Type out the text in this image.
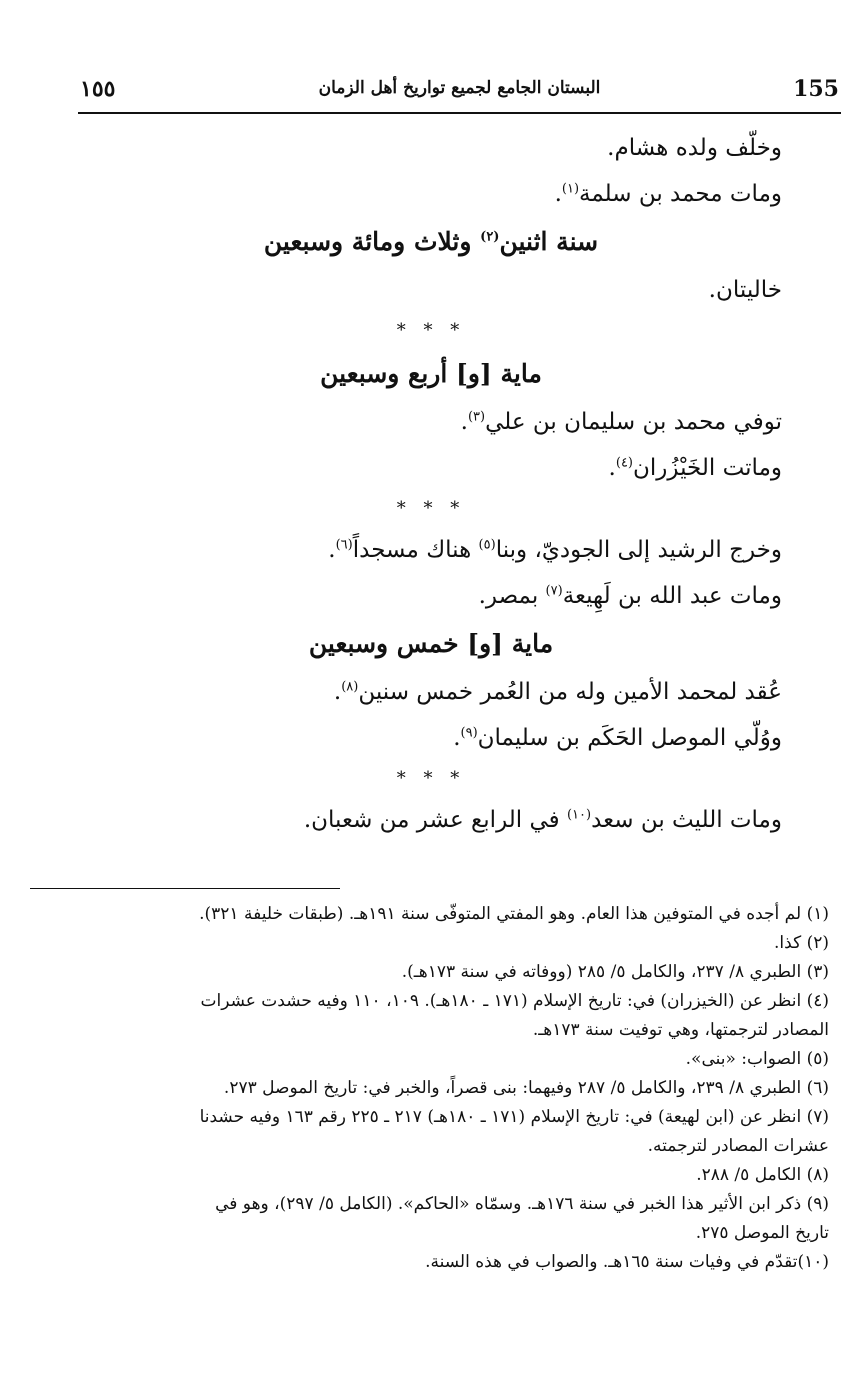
155
البستان الجامع لجميع تواريخ أهل الزمان
١٥٥
وخلّف ولده هشام.
ومات محمد بن سلمة$^{(١)}$.
سنة اثنين$^{(٢)}$ وثلاث ومائة وسبعين
خاليتان.
* * *
ماية [و] أربع وسبعين
توفي محمد بن سليمان بن علي$^{(٣)}$.
وماتت الخَيْزُران$^{(٤)}$.
* * *
وخرج الرشيد إلى الجوديّ، وبنا$^{(٥)}$ هناك مسجداً$^{(٦)}$.
ومات عبد الله بن لَهِيعة$^{(٧)}$ بمصر.
ماية [و] خمس وسبعين
عُقد لمحمد الأمين وله من العُمر خمس سنين$^{(٨)}$.
ووُلّي الموصل الحَكَم بن سليمان$^{(٩)}$.
* * *
ومات الليث بن سعد$^{(١٠)}$ في الرابع عشر من شعبان.
(١) لم أجده في المتوفين هذا العام. وهو المفتي المتوفّى سنة ١٩١هـ. (طبقات خليفة ٣٢١).
(٢) كذا.
(٣) الطبري ٨/ ٢٣٧، والكامل ٥/ ٢٨٥ (ووفاته في سنة ١٧٣هـ).
(٤) انظر عن (الخيزران) في: تاريخ الإسلام (١٧١ ـ ١٨٠هـ). ١٠٩، ١١٠ وفيه حشدت عشرات
المصادر لترجمتها، وهي توفيت سنة ١٧٣هـ.
(٥) الصواب: «بنى».
(٦) الطبري ٨/ ٢٣٩، والكامل ٥/ ٢٨٧ وفيهما: بنى قصراً، والخبر في: تاريخ الموصل ٢٧٣.
(٧) انظر عن (ابن لهيعة) في: تاريخ الإسلام (١٧١ ـ ١٨٠هـ) ٢١٧ ـ ٢٢٥ رقم ١٦٣ وفيه حشدنا
عشرات المصادر لترجمته.
(٨) الكامل ٥/ ٢٨٨.
(٩) ذكر ابن الأثير هذا الخبر في سنة ١٧٦هـ. وسمّاه «الحاكم». (الكامل ٥/ ٢٩٧)، وهو في
تاريخ الموصل ٢٧٥.
(١٠)تقدّم في وفيات سنة ١٦٥هـ. والصواب في هذه السنة.
